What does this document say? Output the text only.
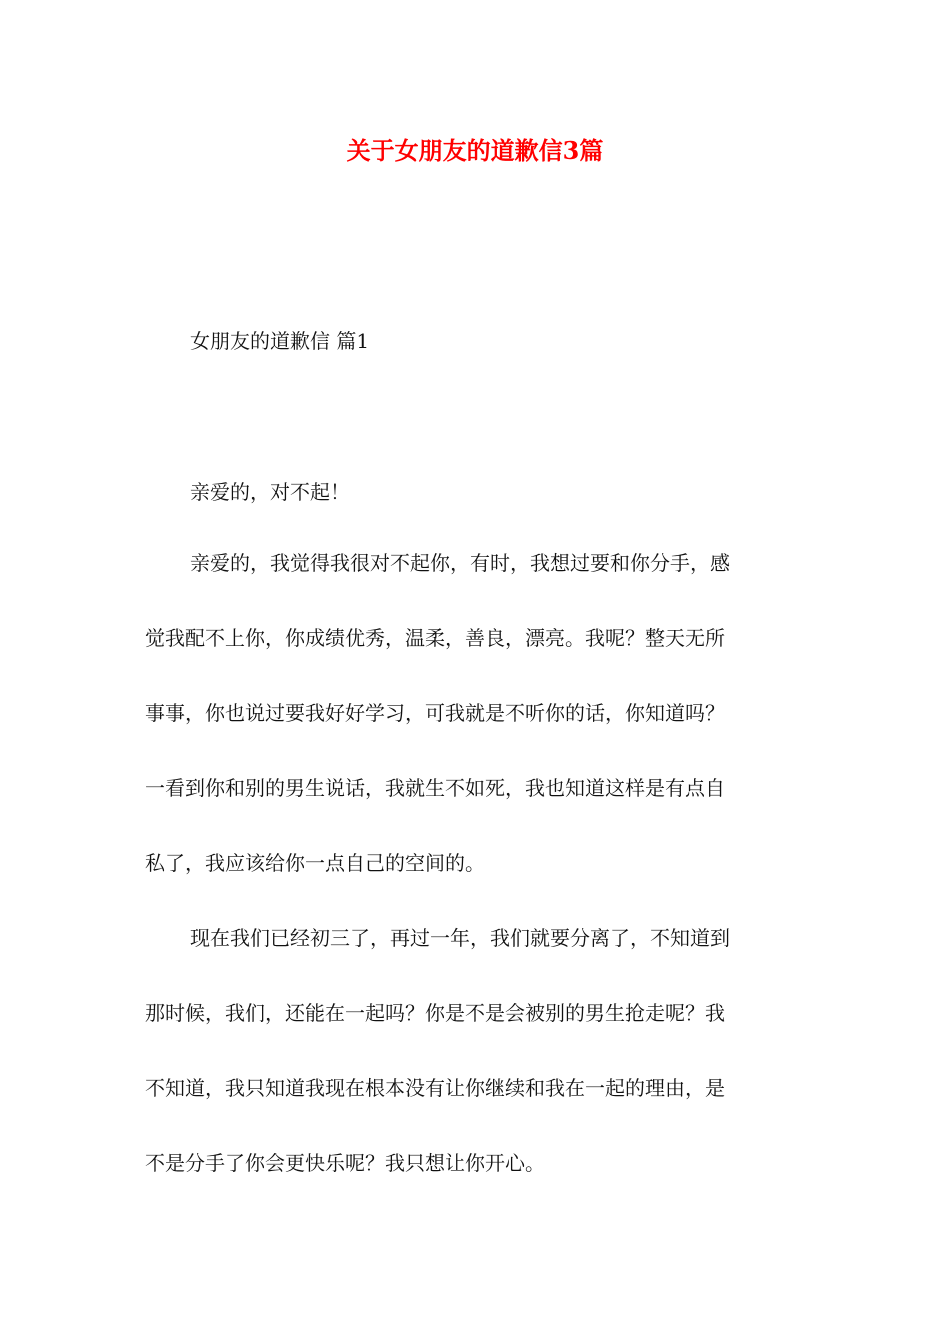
关于女朋友的道歉信3篇

女朋友的道歉信 篇1

亲爱的，对不起！

亲爱的，我觉得我很对不起你，有时，我想过要和你分手，感

觉我配不上你，你成绩优秀，温柔，善良，漂亮。我呢？整天无所

事事，你也说过要我好好学习，可我就是不听你的话，你知道吗？

一看到你和别的男生说话，我就生不如死，我也知道这样是有点自

私了，我应该给你一点自己的空间的。

现在我们已经初三了，再过一年，我们就要分离了，不知道到

那时候，我们，还能在一起吗？你是不是会被别的男生抢走呢？我

不知道，我只知道我现在根本没有让你继续和我在一起的理由，是

不是分手了你会更快乐呢？我只想让你开心。
